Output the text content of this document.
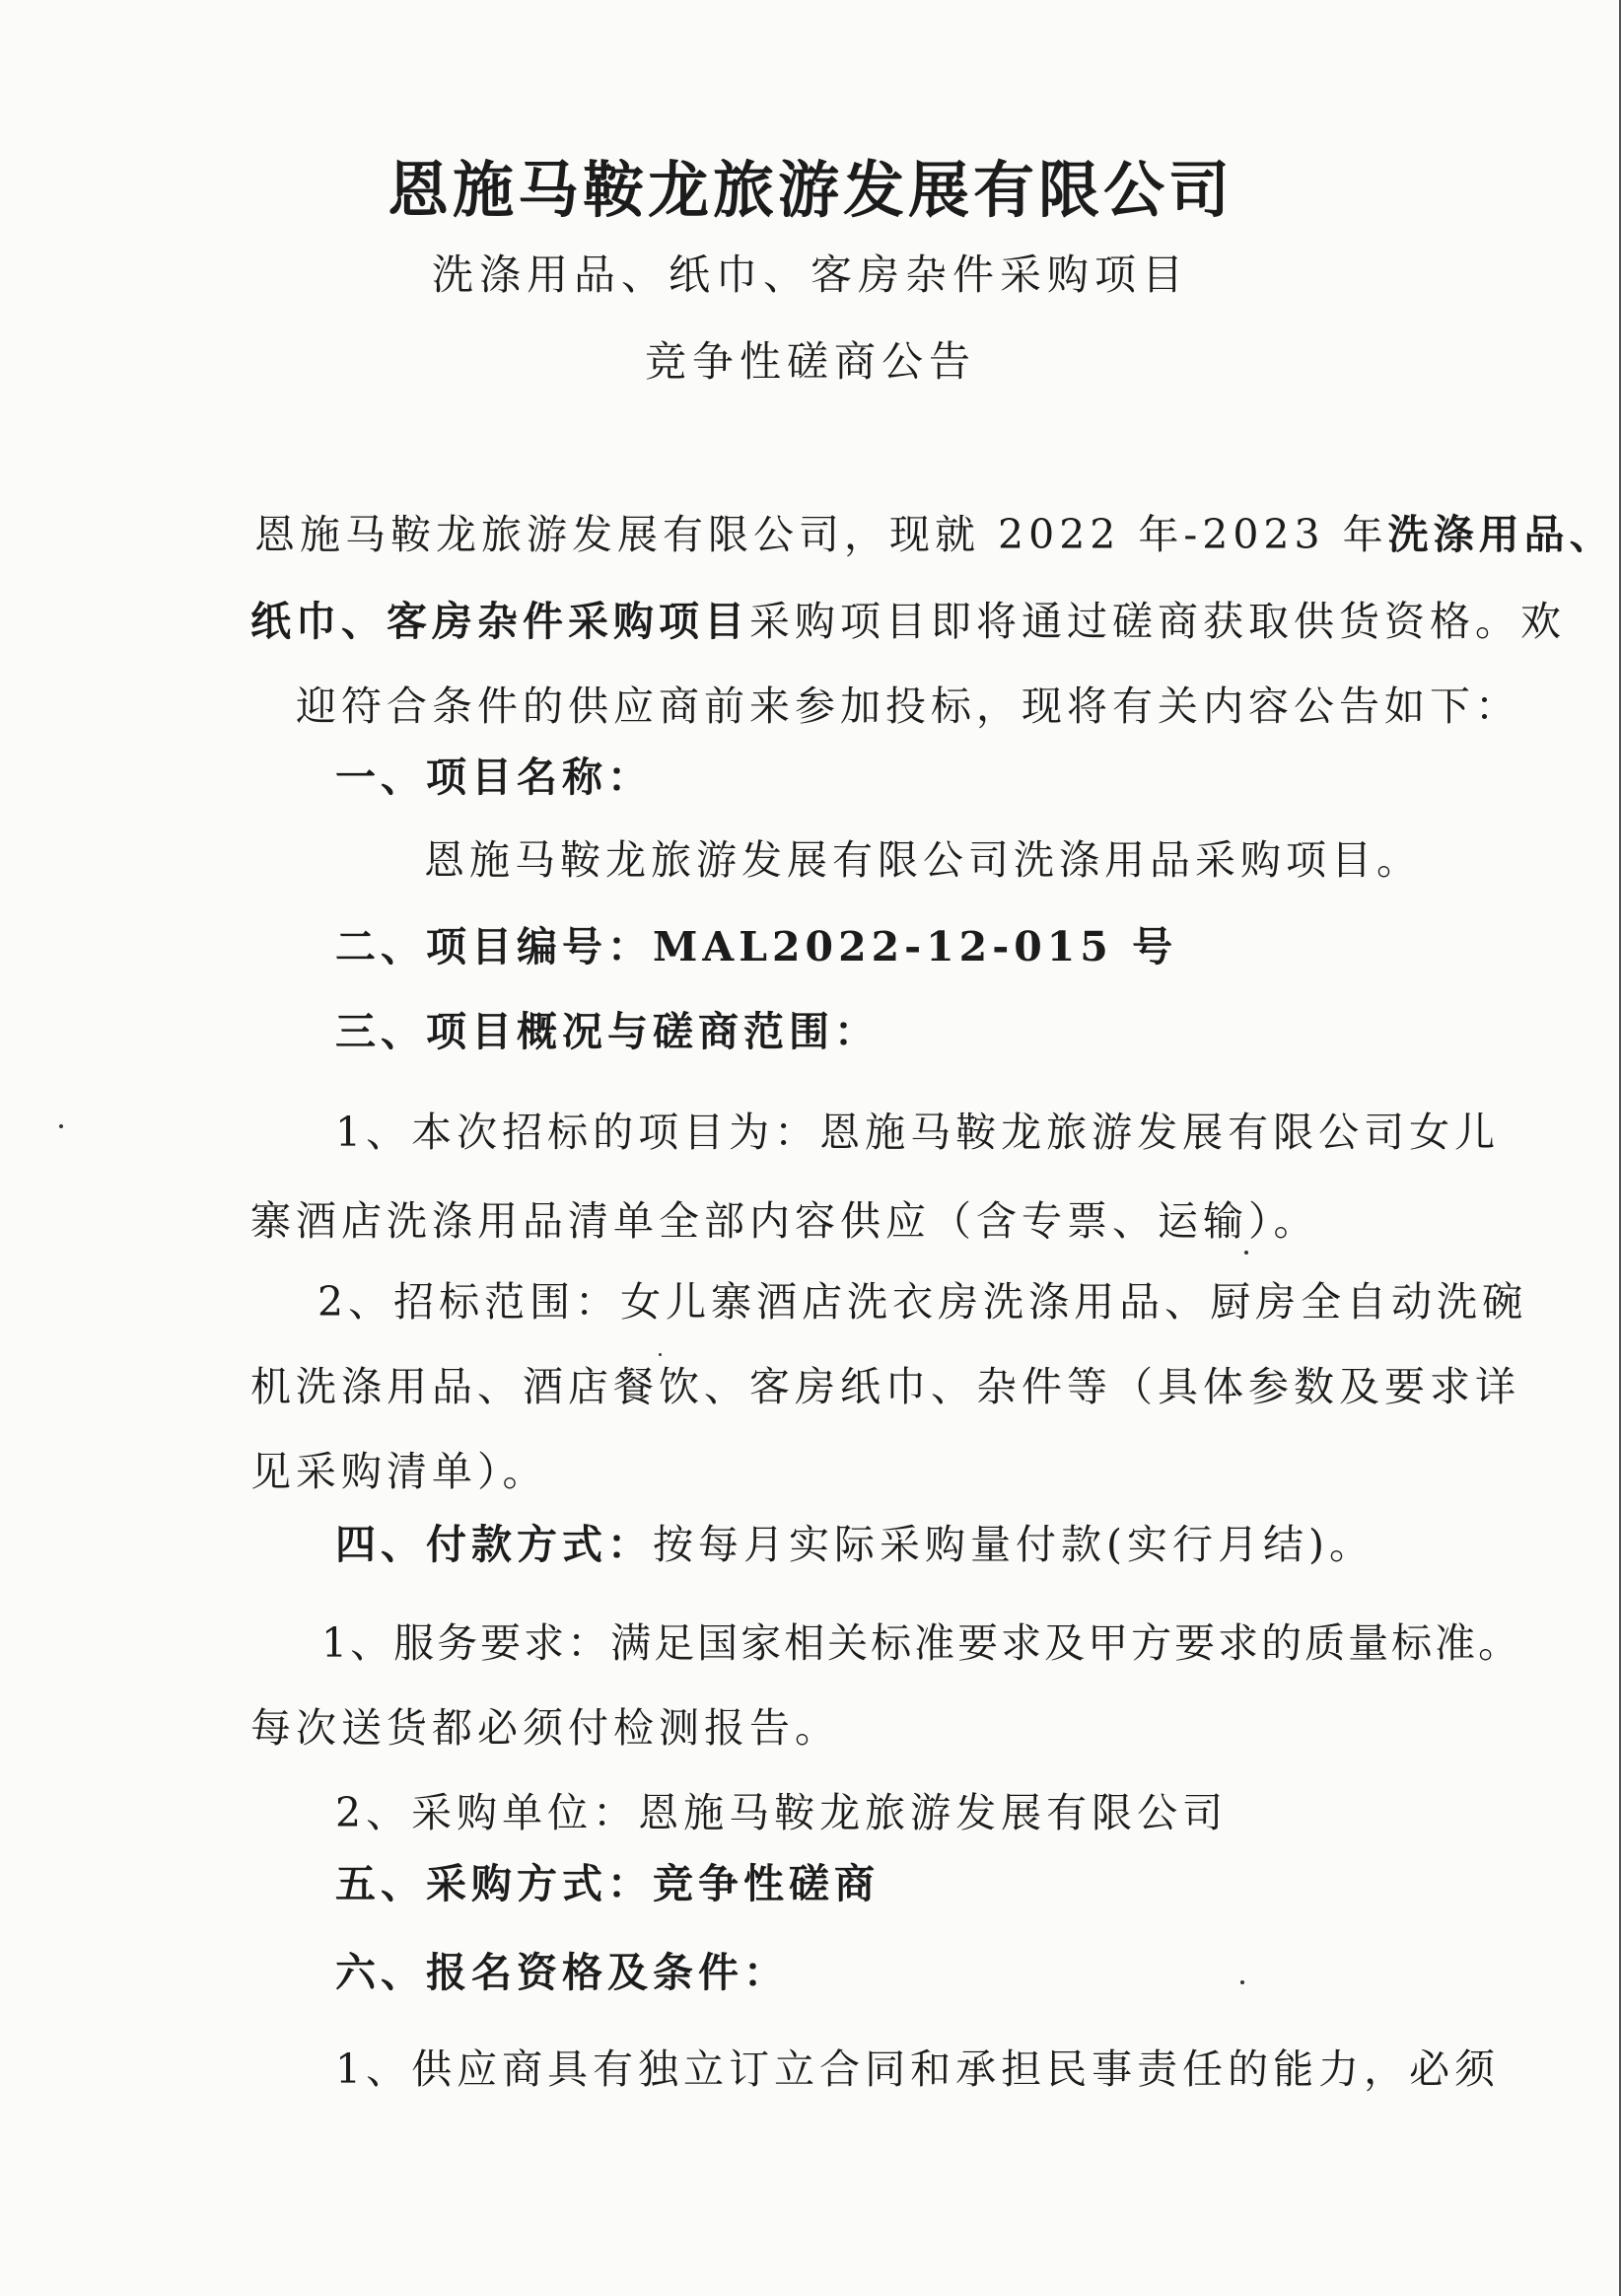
恩施马鞍龙旅游发展有限公司
洗涤用品、纸巾、客房杂件采购项目
竞争性磋商公告
恩施马鞍龙旅游发展有限公司，现就 2022 年-2023 年洗涤用品、
纸巾、客房杂件采购项目采购项目即将通过磋商获取供货资格。欢
迎符合条件的供应商前来参加投标，现将有关内容公告如下：
一、项目名称：
恩施马鞍龙旅游发展有限公司洗涤用品采购项目。
二、项目编号：MAL2022-12-015 号
三、项目概况与磋商范围：
1、本次招标的项目为：恩施马鞍龙旅游发展有限公司女儿
寨酒店洗涤用品清单全部内容供应（含专票、运输）。
2、招标范围：女儿寨酒店洗衣房洗涤用品、厨房全自动洗碗
机洗涤用品、酒店餐饮、客房纸巾、杂件等（具体参数及要求详
见采购清单）。
四、付款方式：按每月实际采购量付款(实行月结)。
1、服务要求：满足国家相关标准要求及甲方要求的质量标准。
每次送货都必须付检测报告。
2、采购单位：恩施马鞍龙旅游发展有限公司
五、采购方式：竞争性磋商
六、报名资格及条件：
1、供应商具有独立订立合同和承担民事责任的能力，必须
